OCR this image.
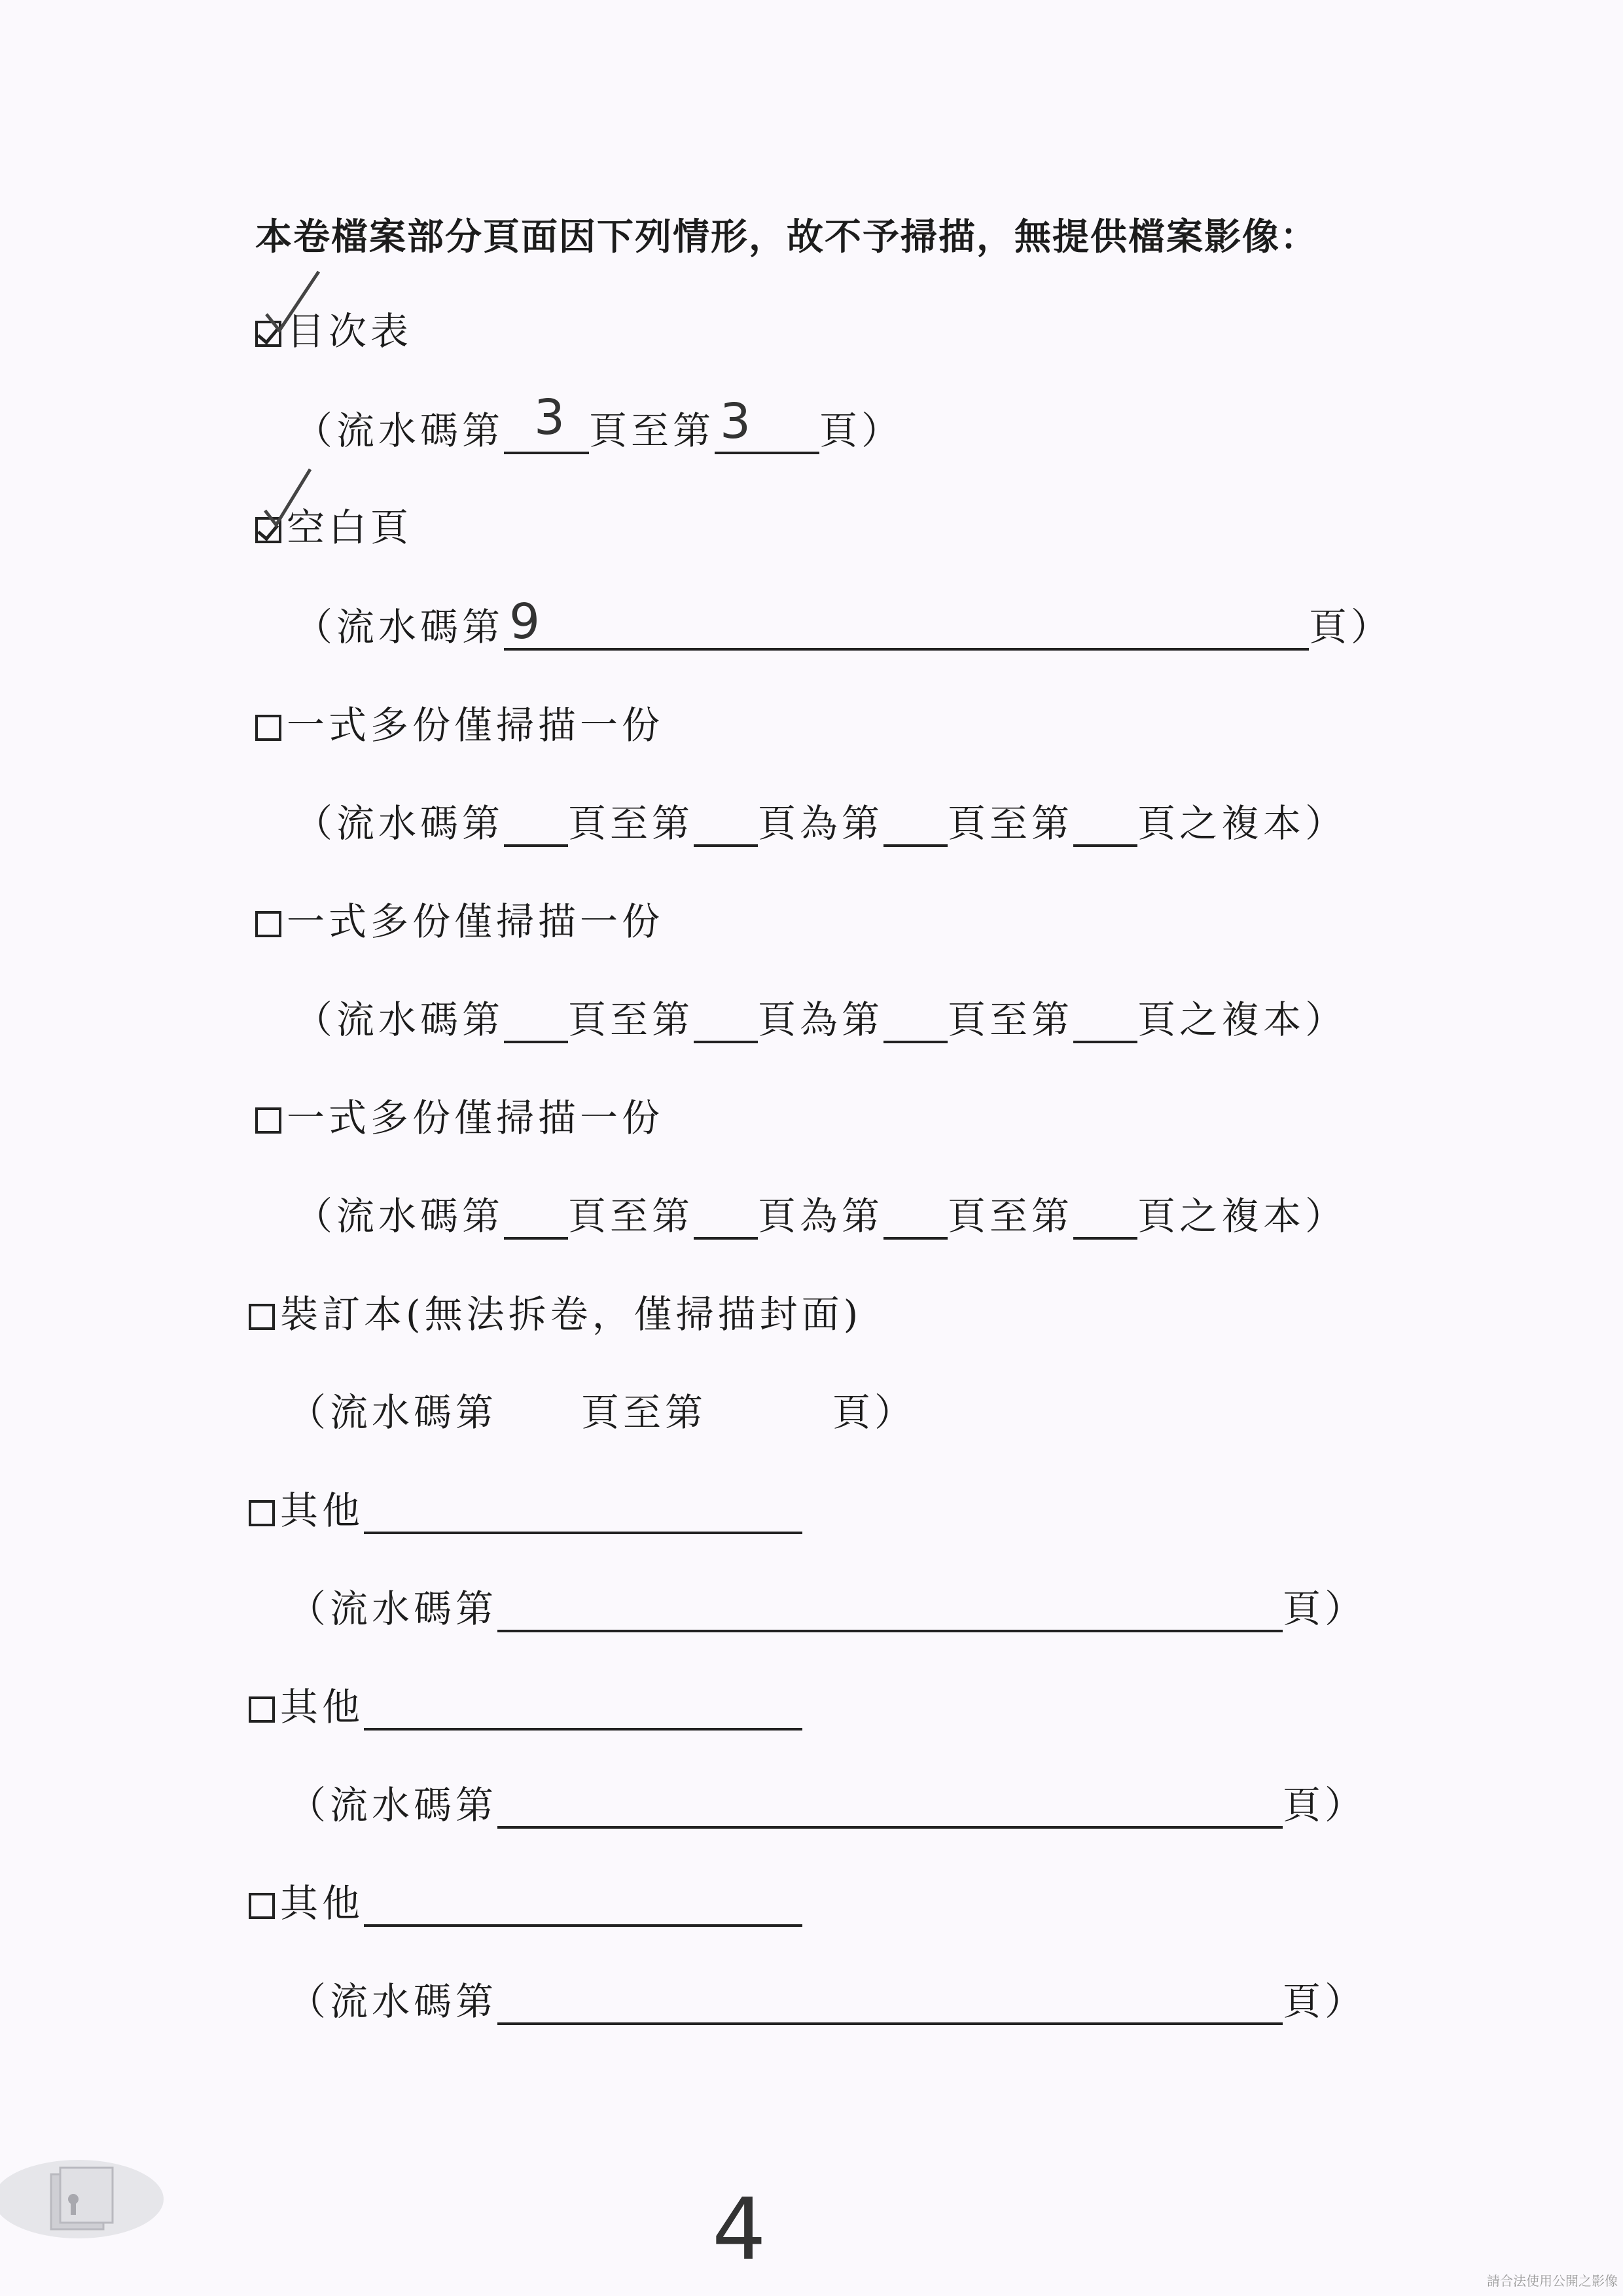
本卷檔案部分頁面因下列情形，故不予掃描，無提供檔案影像：
目次表
（流水碼第 3 頁至第 3 頁）
空白頁
（流水碼第 9	頁）
一式多份僅掃描一份
（流水碼第 頁至第 頁為第 頁至第 頁之複本）
一式多份僅掃描一份
（流水碼第 頁至第 頁為第 頁至第 頁之複本）
一式多份僅掃描一份
（流水碼第 頁至第 頁為第 頁至第 頁之複本）
裝訂本(無法拆卷，僅掃描封面)
（流水碼第　　頁至第　　　頁）
其他
（流水碼第	頁）
其他
（流水碼第	頁）
其他
（流水碼第	頁）
4
請合法使用公開之影像
